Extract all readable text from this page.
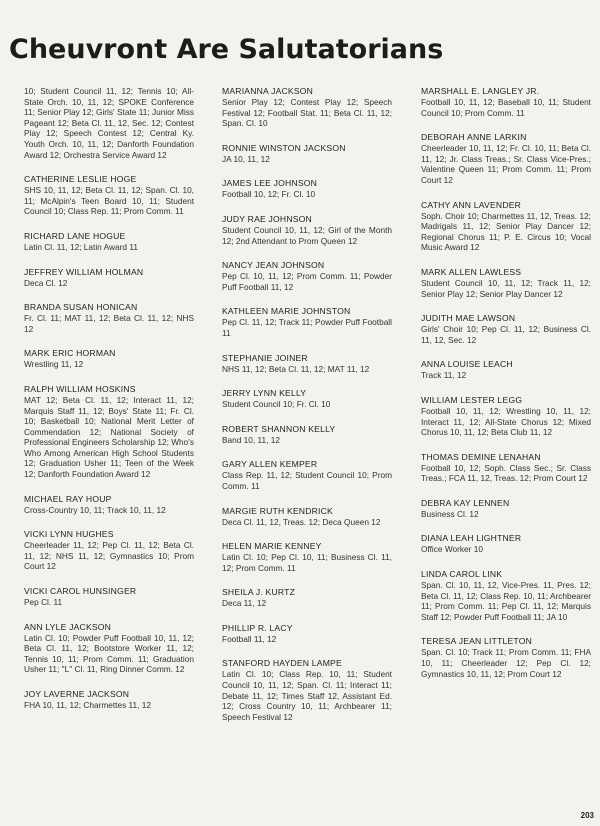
Cheuvront Are Salutatorians
10; Student Council 11, 12; Tennis 10; All-State Orch. 10, 11, 12; SPOKE Conference 11; Senior Play 12; Girls' State 11; Junior Miss Pageant 12; Beta Cl. 11, 12, Sec. 12; Contest Play 12; Speech Contest 12; Central Ky. Youth Orch. 10, 11, 12; Danforth Foundation Award 12; Orchestra Service Award 12
CATHERINE LESLIE HOGE
SHS 10, 11, 12; Beta Cl. 11, 12; Span. Cl. 10, 11; McAlpin's Teen Board 10, 11; Student Council 10; Class Rep. 11; Prom Comm. 11
RICHARD LANE HOGUE
Latin Cl. 11, 12; Latin Award 11
JEFFREY WILLIAM HOLMAN
Deca Cl. 12
BRANDA SUSAN HONICAN
Fr. Cl. 11; MAT 11, 12; Beta Cl. 11, 12; NHS 12
MARK ERIC HORMAN
Wrestling 11, 12
RALPH WILLIAM HOSKINS
MAT 12; Beta Cl. 11, 12; Interact 11, 12; Marquis Staff 11, 12; Boys' State 11; Fr. Cl. 10; Basketball 10; National Merit Letter of Commendation 12; National Society of Professional Engineers Scholarship 12; Who's Who Among American High School Students 12; Graduation Usher 11; Teen of the Week 12; Danforth Foundation Award 12
MICHAEL RAY HOUP
Cross-Country 10, 11; Track 10, 11, 12
VICKI LYNN HUGHES
Cheerleader 11, 12; Pep Cl. 11, 12; Beta Cl. 11, 12; NHS 11, 12; Gymnastics 10; Prom Court 12
VICKI CAROL HUNSINGER
Pep Cl. 11
ANN LYLE JACKSON
Latin Cl. 10; Powder Puff Football 10, 11, 12; Beta Cl. 11, 12; Bootstore Worker 11, 12; Tennis 10, 11; Prom Comm. 11; Graduation Usher 11; "L" Cl. 11, Ring Dinner Comm. 12
JOY LAVERNE JACKSON
FHA 10, 11, 12; Charmettes 11, 12
MARIANNA JACKSON
Senior Play 12; Contest Play 12; Speech Festival 12; Football Stat. 11; Beta Cl. 11, 12; Span. Cl. 10
RONNIE WINSTON JACKSON
JA 10, 11, 12
JAMES LEE JOHNSON
Football 10, 12; Fr. Cl. 10
JUDY RAE JOHNSON
Student Council 10, 11, 12; Girl of the Month 12; 2nd Attendant to Prom Queen 12
NANCY JEAN JOHNSON
Pep Cl. 10, 11, 12; Prom Comm. 11; Powder Puff Football 11, 12
KATHLEEN MARIE JOHNSTON
Pep Cl. 11, 12; Track 11; Powder Puff Football 11
STEPHANIE JOINER
NHS 11, 12; Beta Cl. 11, 12; MAT 11, 12
JERRY LYNN KELLY
Student Council 10; Fr. Cl. 10
ROBERT SHANNON KELLY
Band 10, 11, 12
GARY ALLEN KEMPER
Class Rep. 11, 12; Student Council 10; Prom Comm. 11
MARGIE RUTH KENDRICK
Deca Cl. 11, 12, Treas. 12; Deca Queen 12
HELEN MARIE KENNEY
Latin Cl. 10; Pep Cl. 10, 11; Business Cl. 11, 12; Prom Comm. 11
SHEILA J. KURTZ
Deca 11, 12
PHILLIP R. LACY
Football 11, 12
STANFORD HAYDEN LAMPE
Latin Cl. 10; Class Rep. 10, 11; Student Council 10, 11, 12; Span. Cl. 11; Interact 11; Debate 11, 12; Times Staff 12, Assistant Ed. 12; Cross Country 10, 11; Archbearer 11; Speech Festival 12
MARSHALL E. LANGLEY JR.
Football 10, 11, 12; Baseball 10, 11; Student Council 10; Prom Comm. 11
DEBORAH ANNE LARKIN
Cheerleader 10, 11, 12; Fr. Cl. 10, 11; Beta Cl. 11, 12; Jr. Class Treas.; Sr. Class Vice-Pres.; Valentine Queen 11; Prom Comm. 11; Prom Court 12
CATHY ANN LAVENDER
Soph. Choir 10; Charmettes 11, 12, Treas. 12; Madrigals 11, 12; Senior Play Dancer 12; Regional Chorus 11; P. E. Circus 10; Vocal Music Award 12
MARK ALLEN LAWLESS
Student Council 10, 11, 12; Track 11, 12; Senior Play 12; Senior Play Dancer 12
JUDITH MAE LAWSON
Girls' Choir 10; Pep Cl. 11, 12; Business Cl. 11, 12, Sec. 12
ANNA LOUISE LEACH
Track 11, 12
WILLIAM LESTER LEGG
Football 10, 11, 12; Wrestling 10, 11, 12; Interact 11, 12; All-State Chorus 12; Mixed Chorus 10, 11, 12; Beta Club 11, 12
THOMAS DEMINE LENAHAN
Football 10, 12; Soph. Class Sec.; Sr. Class Treas.; FCA 11, 12, Treas. 12; Prom Court 12
DEBRA KAY LENNEN
Business Cl. 12
DIANA LEAH LIGHTNER
Office Worker 10
LINDA CAROL LINK
Span. Cl. 10, 11, 12, Vice-Pres. 11, Pres. 12; Beta Cl. 11, 12; Class Rep. 10, 11; Archbearer 11; Prom Comm. 11; Pep Cl. 11, 12; Marquis Staff 12; Powder Puff Football 11; JA 10
TERESA JEAN LITTLETON
Span. Cl. 10; Track 11; Prom Comm. 11; FHA 10, 11; Cheerleader 12; Pep Cl. 12; Gymnastics 10, 11, 12; Prom Court 12
203
